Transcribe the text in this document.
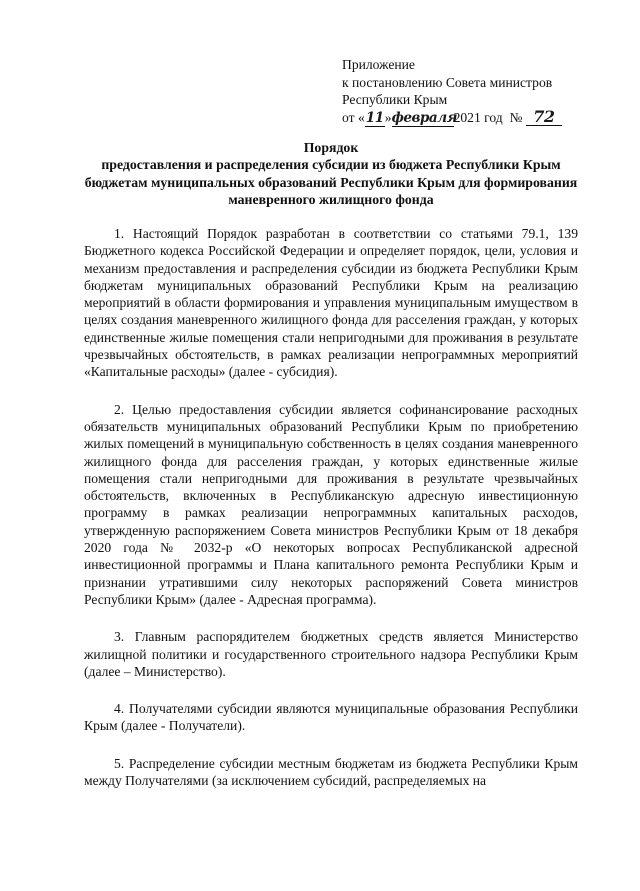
Приложение
к постановлению Совета министров
Республики Крым
от «11»февраля2021 год № 72
Порядок
предоставления и распределения субсидии из бюджета Республики Крым бюджетам муниципальных образований Республики Крым для формирования маневренного жилищного фонда

1. Настоящий Порядок разработан в соответствии со статьями 79.1, 139 Бюджетного кодекса Российской Федерации и определяет порядок, цели, условия и механизм предоставления и распределения субсидии из бюджета Республики Крым бюджетам муниципальных образований Республики Крым на реализацию мероприятий в области формирования и управления муниципальным имуществом в целях создания маневренного жилищного фонда для расселения граждан, у которых единственные жилые помещения стали непригодными для проживания в результате чрезвычайных обстоятельств, в рамках реализации непрограммных мероприятий «Капитальные расходы» (далее - субсидия).

2. Целью предоставления субсидии является софинансирование расходных обязательств муниципальных образований Республики Крым по приобретению жилых помещений в муниципальную собственность в целях создания маневренного жилищного фонда для расселения граждан, у которых единственные жилые помещения стали непригодными для проживания в результате чрезвычайных обстоятельств, включенных в Республиканскую адресную инвестиционную программу в рамках реализации непрограммных капитальных расходов, утвержденную распоряжением Совета министров Республики Крым от 18 декабря 2020 года № 2032-р «О некоторых вопросах Республиканской адресной инвестиционной программы и Плана капитального ремонта Республики Крым и признании утратившими силу некоторых распоряжений Совета министров Республики Крым» (далее - Адресная программа).

3. Главным распорядителем бюджетных средств является Министерство жилищной политики и государственного строительного надзора Республики Крым (далее – Министерство).

4. Получателями субсидии являются муниципальные образования Республики Крым (далее - Получатели).

5. Распределение субсидии местным бюджетам из бюджета Республики Крым между Получателями (за исключением субсидий, распределяемых на
